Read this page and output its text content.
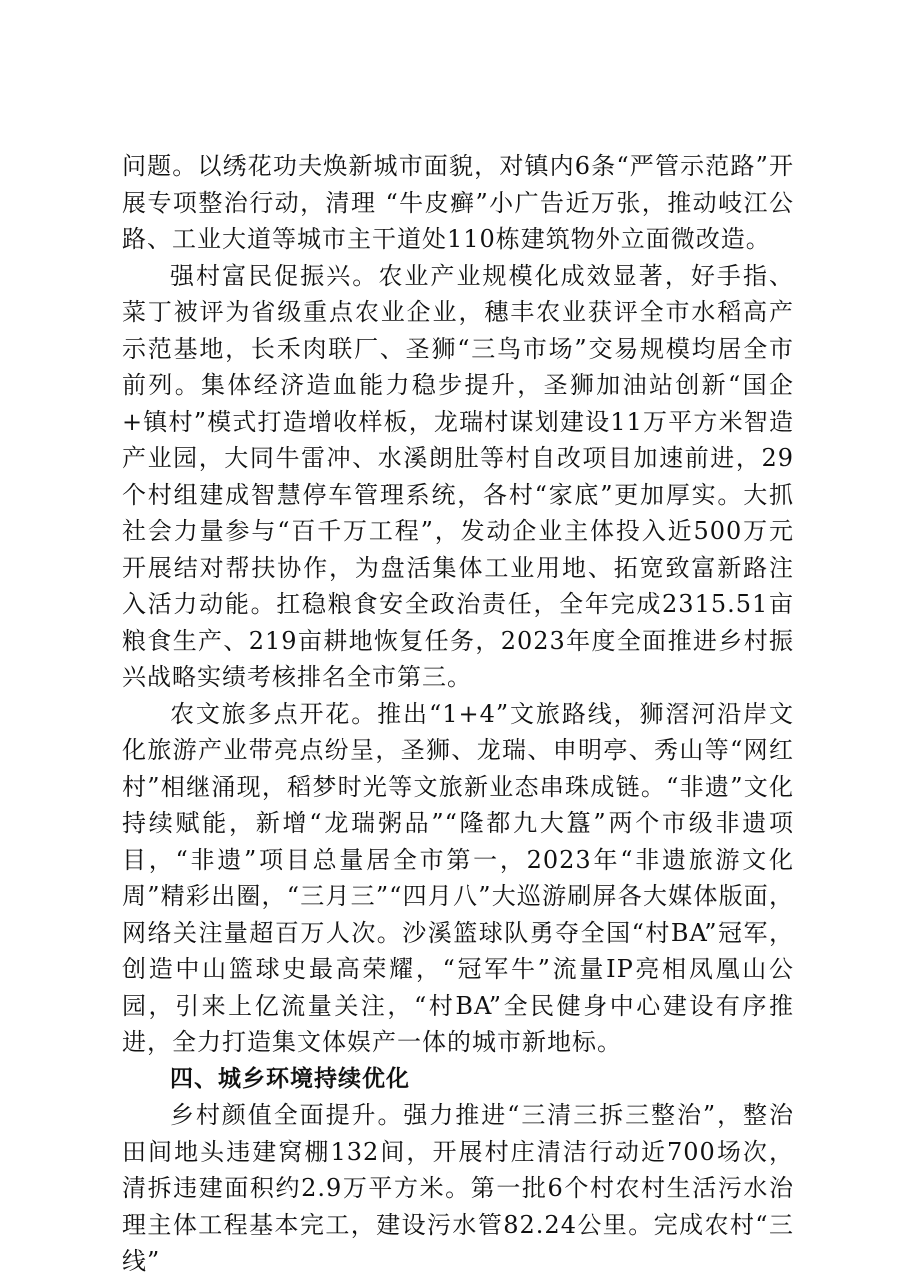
问题。以绣花功夫焕新城市面貌，对镇内6条“严管示范路”开展专项整治行动，清理 “牛皮癣”小广告近万张，推动岐江公路、工业大道等城市主干道处110栋建筑物外立面微改造。

强村富民促振兴。农业产业规模化成效显著，好手指、菜丁被评为省级重点农业企业，穗丰农业获评全市水稻高产示范基地，长禾肉联厂、圣狮“三鸟市场”交易规模均居全市前列。集体经济造血能力稳步提升，圣狮加油站创新“国企+镇村”模式打造增收样板，龙瑞村谋划建设11万平方米智造产业园，大同牛雷冲、水溪朗肚等村自改项目加速前进，29个村组建成智慧停车管理系统，各村“家底”更加厚实。大抓社会力量参与“百千万工程”，发动企业主体投入近500万元开展结对帮扶协作，为盘活集体工业用地、拓宽致富新路注入活力动能。扛稳粮食安全政治责任，全年完成2315.51亩粮食生产、219亩耕地恢复任务，2023年度全面推进乡村振兴战略实绩考核排名全市第三。

农文旅多点开花。推出“1+4”文旅路线，狮滘河沿岸文化旅游产业带亮点纷呈，圣狮、龙瑞、申明亭、秀山等“网红村”相继涌现，稻梦时光等文旅新业态串珠成链。“非遗”文化持续赋能，新增“龙瑞粥品”“隆都九大簋”两个市级非遗项目，“非遗”项目总量居全市第一，2023年“非遗旅游文化周”精彩出圈，“三月三”“四月八”大巡游刷屏各大媒体版面，网络关注量超百万人次。沙溪篮球队勇夺全国“村BA”冠军，创造中山篮球史最高荣耀，“冠军牛”流量IP亮相凤凰山公园，引来上亿流量关注，“村BA”全民健身中心建设有序推进，全力打造集文体娱产一体的城市新地标。

四、城乡环境持续优化

乡村颜值全面提升。强力推进“三清三拆三整治”，整治田间地头违建窝棚132间，开展村庄清洁行动近700场次，清拆违建面积约2.9万平方米。第一批6个村农村生活污水治理主体工程基本完工，建设污水管82.24公里。完成农村“三线”
